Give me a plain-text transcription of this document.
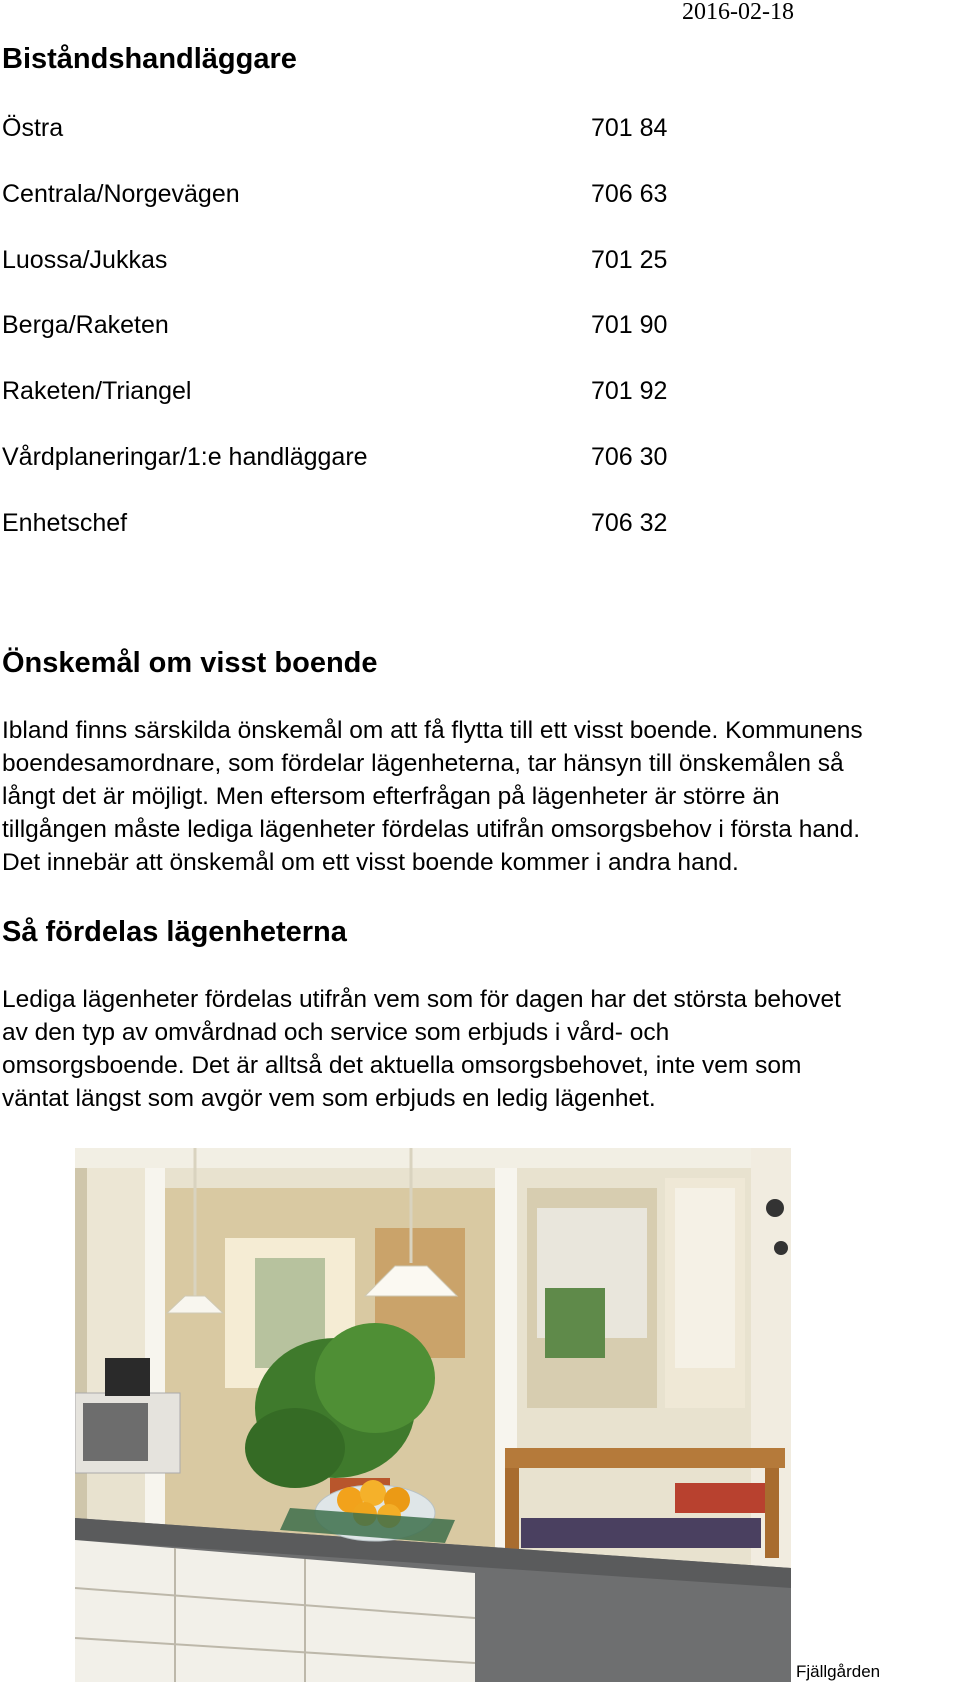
2016-02-18
Biståndshandläggare
Östra	701 84
Centrala/Norgevägen	706 63
Luossa/Jukkas	701 25
Berga/Raketen	701 90
Raketen/Triangel	701 92
Vårdplaneringar/1:e handläggare	706 30
Enhetschef	706 32
Önskemål om visst boende
Ibland finns särskilda önskemål om att få flytta till ett visst boende. Kommunens
boendesamordnare, som fördelar lägenheterna, tar hänsyn till önskemålen så
långt det är möjligt. Men eftersom efterfrågan på lägenheter är större än
tillgången måste lediga lägenheter fördelas utifrån omsorgsbehov i första hand.
Det innebär att önskemål om ett visst boende kommer i andra hand.
Så fördelas lägenheterna
Lediga lägenheter fördelas utifrån vem som för dagen har det största behovet
av den typ av omvårdnad och service som erbjuds i vård- och
omsorgsboende. Det är alltså det aktuella omsorgsbehovet, inte vem som
väntat längst som avgör vem som erbjuds en ledig lägenhet.
Fjällgården
